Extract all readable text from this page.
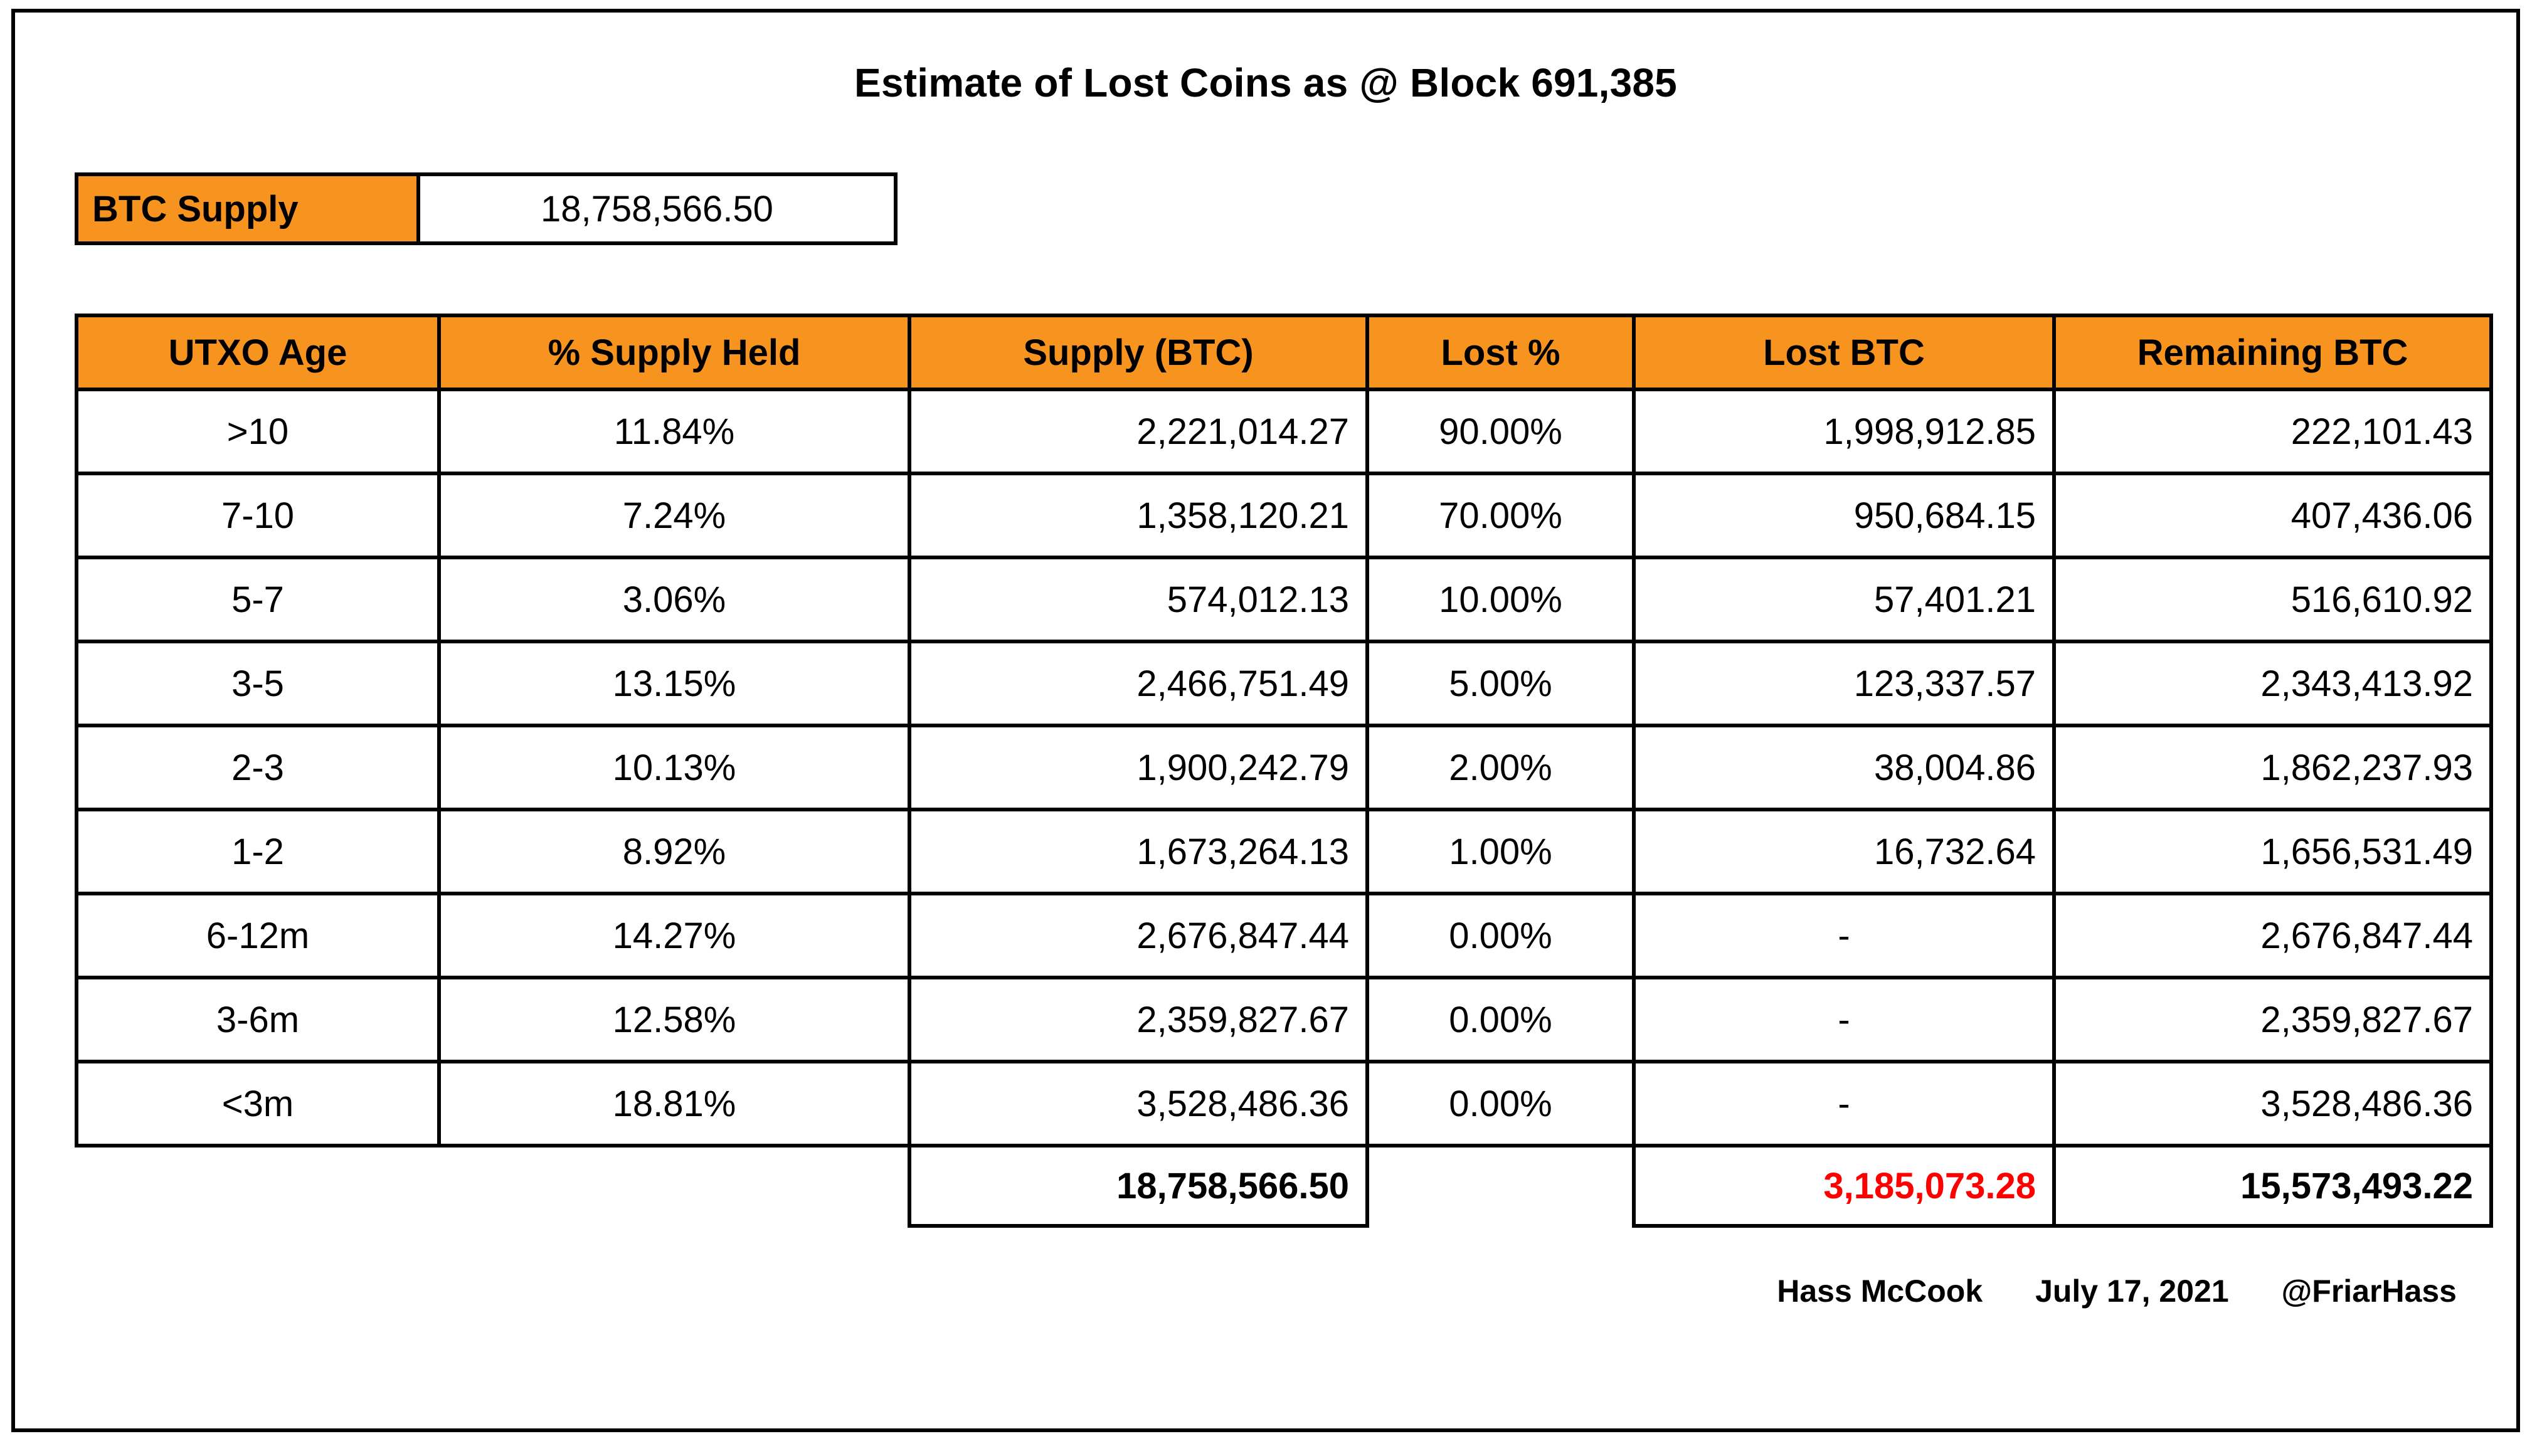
Estimate of Lost Coins as @ Block 691,385
BTC Supply	18,758,566.50
UTXO Age	% Supply Held	Supply (BTC)	Lost %	Lost BTC	Remaining BTC
>10	11.84%	2,221,014.27	90.00%	1,998,912.85	222,101.43
7-10	7.24%	1,358,120.21	70.00%	950,684.15	407,436.06
5-7	3.06%	574,012.13	10.00%	57,401.21	516,610.92
3-5	13.15%	2,466,751.49	5.00%	123,337.57	2,343,413.92
2-3	10.13%	1,900,242.79	2.00%	38,004.86	1,862,237.93
1-2	8.92%	1,673,264.13	1.00%	16,732.64	1,656,531.49
6-12m	14.27%	2,676,847.44	0.00%	-	2,676,847.44
3-6m	12.58%	2,359,827.67	0.00%	-	2,359,827.67
<3m	18.81%	3,528,486.36	0.00%	-	3,528,486.36
		18,758,566.50		3,185,073.28	15,573,493.22
Hass McCook July 17, 2021 @FriarHass
